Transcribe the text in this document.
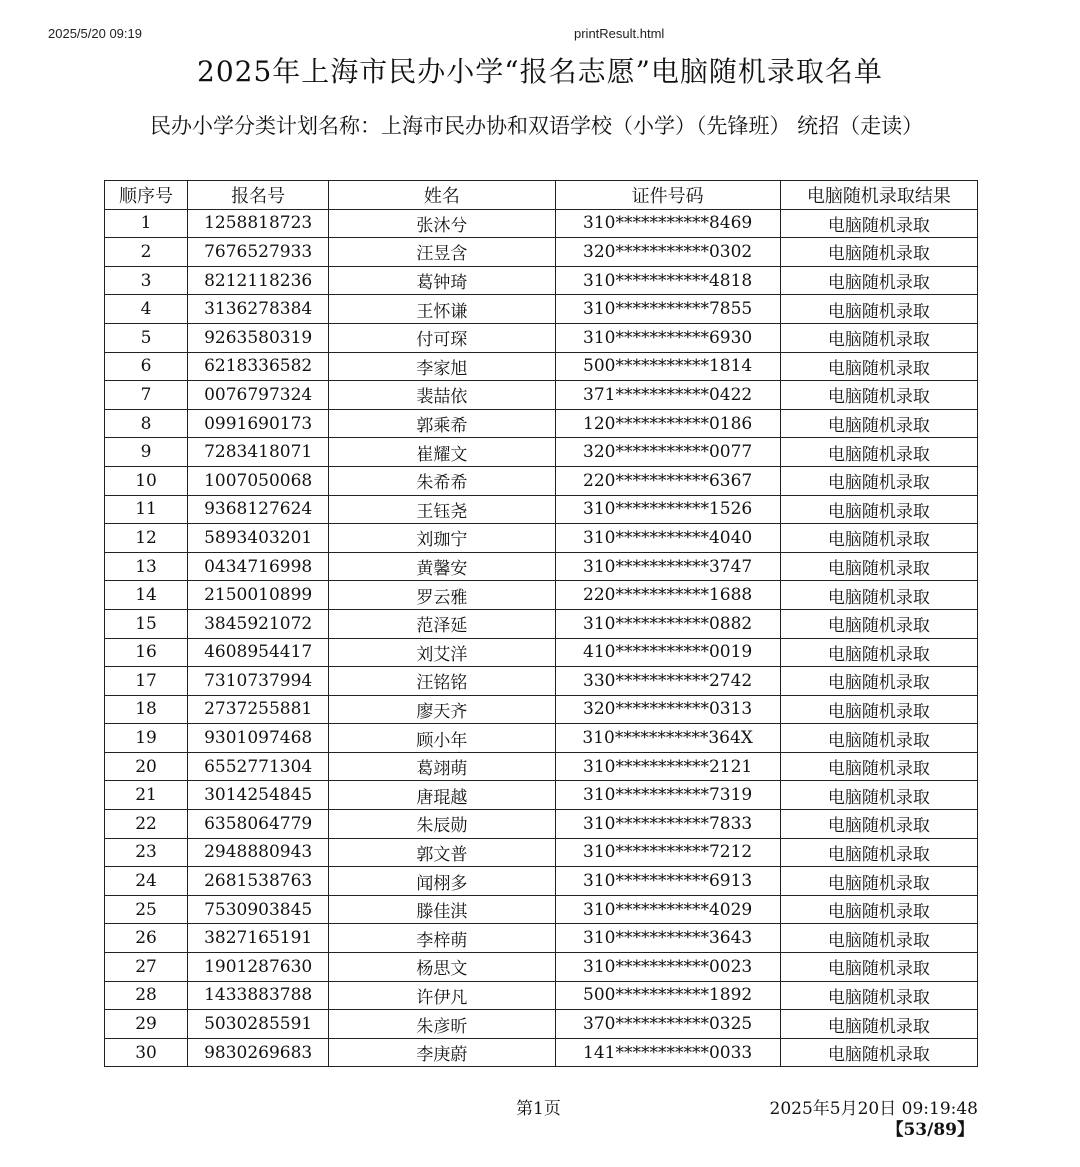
2025/5/20 09:19	printResult.html
2025年上海市民办小学“报名志愿”电脑随机录取名单
民办小学分类计划名称：上海市民办协和双语学校（小学）（先锋班） 统招（走读）
顺序号	报名号	姓名	证件号码	电脑随机录取结果
1	1258818723	张沐兮	310***********8469	电脑随机录取
2	7676527933	汪昱含	320***********0302	电脑随机录取
3	8212118236	葛钟琦	310***********4818	电脑随机录取
4	3136278384	王怀谦	310***********7855	电脑随机录取
5	9263580319	付可琛	310***********6930	电脑随机录取
6	6218336582	李家旭	500***********1814	电脑随机录取
7	0076797324	裴喆依	371***********0422	电脑随机录取
8	0991690173	郭乘希	120***********0186	电脑随机录取
9	7283418071	崔耀文	320***********0077	电脑随机录取
10	1007050068	朱希希	220***********6367	电脑随机录取
11	9368127624	王钰尧	310***********1526	电脑随机录取
12	5893403201	刘珈宁	310***********4040	电脑随机录取
13	0434716998	黄馨安	310***********3747	电脑随机录取
14	2150010899	罗云雅	220***********1688	电脑随机录取
15	3845921072	范泽延	310***********0882	电脑随机录取
16	4608954417	刘艾洋	410***********0019	电脑随机录取
17	7310737994	汪铭铭	330***********2742	电脑随机录取
18	2737255881	廖天齐	320***********0313	电脑随机录取
19	9301097468	顾小年	310***********364X	电脑随机录取
20	6552771304	葛翊萌	310***********2121	电脑随机录取
21	3014254845	唐琨越	310***********7319	电脑随机录取
22	6358064779	朱辰勋	310***********7833	电脑随机录取
23	2948880943	郭文普	310***********7212	电脑随机录取
24	2681538763	闻栩多	310***********6913	电脑随机录取
25	7530903845	滕佳淇	310***********4029	电脑随机录取
26	3827165191	李梓萌	310***********3643	电脑随机录取
27	1901287630	杨思文	310***********0023	电脑随机录取
28	1433883788	许伊凡	500***********1892	电脑随机录取
29	5030285591	朱彦昕	370***********0325	电脑随机录取
30	9830269683	李庚蔚	141***********0033	电脑随机录取
第1页	2025年5月20日 09:19:48
【53/89】
